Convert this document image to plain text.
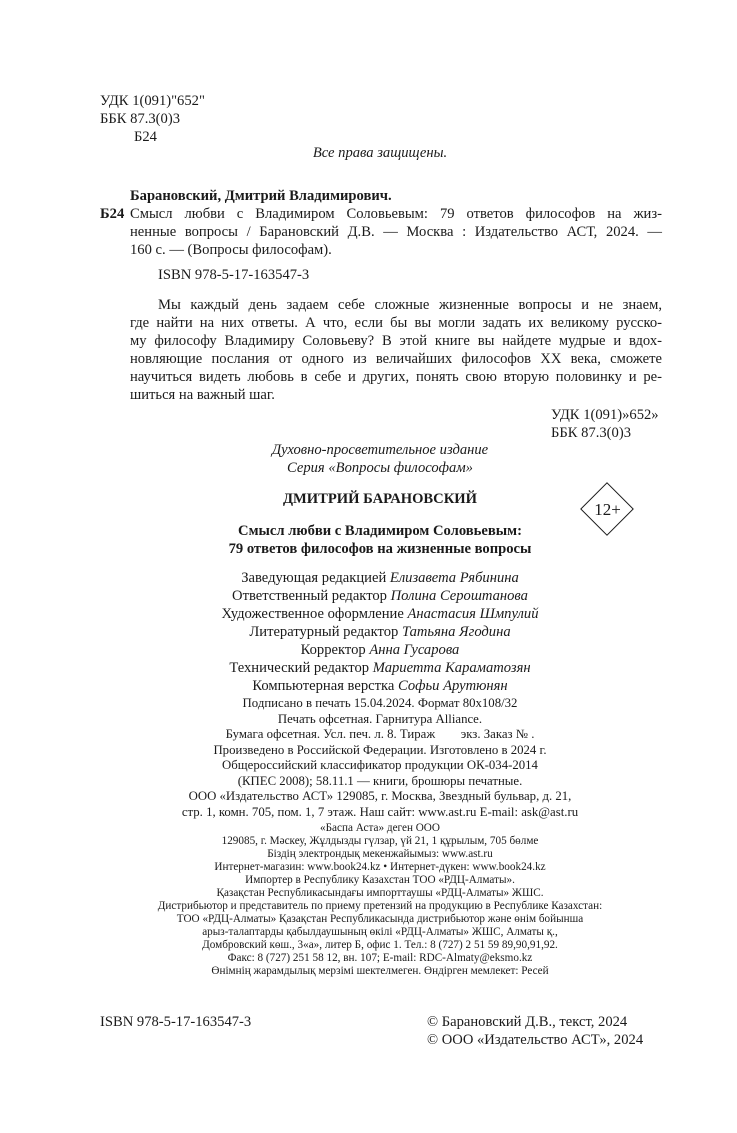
УДК 1(091)"652"
ББК 87.3(0)3
Б24
Все права защищены.
Барановский, Дмитрий Владимирович.
Б24 Смысл любви с Владимиром Соловьевым: 79 ответов философов на жиз-
ненные вопросы / Барановский Д.В. — Москва : Издательство АСТ, 2024. —
160 с. — (Вопросы философам).
ISBN 978-5-17-163547-3
Мы каждый день задаем себе сложные жизненные вопросы и не знаем,
где найти на них ответы. А что, если бы вы могли задать их великому русско-
му философу Владимиру Соловьеву? В этой книге вы найдете мудрые и вдох-
новляющие послания от одного из величайших философов XX века, сможете
научиться видеть любовь в себе и других, понять свою вторую половинку и ре-
шиться на важный шаг.
УДК 1(091)»652»
ББК 87.3(0)3
Духовно-просветительное издание
Серия «Вопросы философам»
ДМИТРИЙ БАРАНОВСКИЙ
12+
Смысл любви с Владимиром Соловьевым:
79 ответов философов на жизненные вопросы
Заведующая редакцией Елизавета Рябинина
Ответственный редактор Полина Сероштанова
Художественное оформление Анастасия Шмпулий
Литературный редактор Татьяна Ягодина
Корректор Анна Гусарова
Технический редактор Мариетта Караматозян
Компьютерная верстка Софьи Арутюнян
Подписано в печать 15.04.2024. Формат 80x108/32
Печать офсетная. Гарнитура Alliance.
Бумага офсетная. Усл. печ. л. 8. Тираж        экз. Заказ № .
Произведено в Российской Федерации. Изготовлено в 2024 г.
Общероссийский классификатор продукции ОК-034-2014
(КПЕС 2008); 58.11.1 — книги, брошюры печатные.
ООО «Издательство АСТ» 129085, г. Москва, Звездный бульвар, д. 21,
стр. 1, комн. 705, пом. 1, 7 этаж. Наш сайт: www.ast.ru E-mail: ask@ast.ru
«Баспа Аста» деген ООО
129085, г. Мәскеу, Жұлдызды гүлзар, үй 21, 1 құрылым, 705 бөлме
Біздің электрондық мекенжайымыз: www.ast.ru
Интернет-магазин: www.book24.kz • Интернет-дүкен: www.book24.kz
Импортер в Республику Казахстан ТОО «РДЦ-Алматы».
Қазақстан Республикасындағы импорттаушы «РДЦ-Алматы» ЖШС.
Дистрибьютор и представитель по приему претензий на продукцию в Республике Казахстан:
ТОО «РДЦ-Алматы» Қазақстан Республикасында дистрибьютор және өнім бойынша
арыз-талаптарды қабылдаушының өкілі «РДЦ-Алматы» ЖШС, Алматы қ.,
Домбровский көш., 3«а», литер Б, офис 1. Тел.: 8 (727) 2 51 59 89,90,91,92.
Факс: 8 (727) 251 58 12, вн. 107; E-mail: RDC-Almaty@eksmo.kz
Өнімнің жарамдылық мерзімі шектелмеген. Өндірген мемлекет: Ресей
ISBN 978-5-17-163547-3	© Барановский Д.В., текст, 2024
© ООО «Издательство АСТ», 2024
